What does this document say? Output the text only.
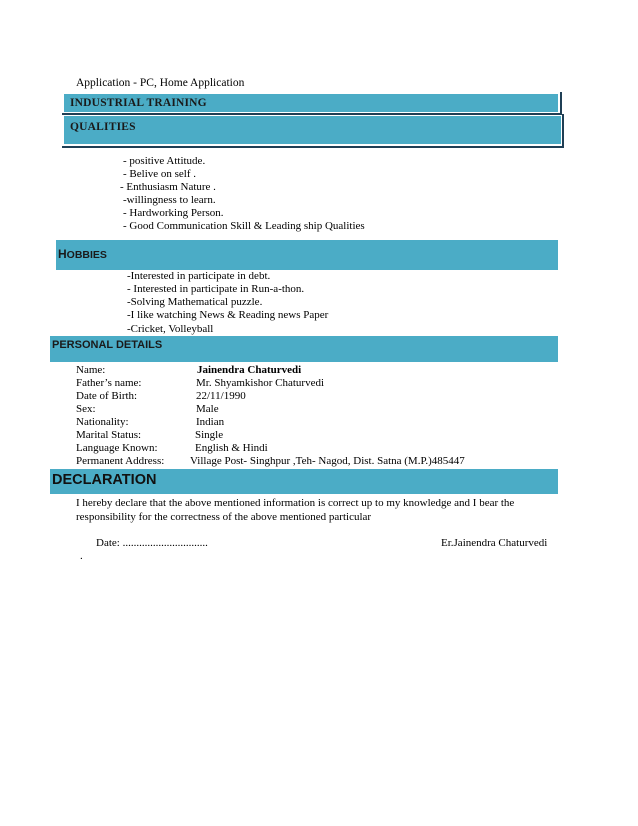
Application - PC, Home Application
INDUSTRIAL TRAINING
QUALITIES
- positive Attitude.
- Belive on self .
- Enthusiasm Nature .
-willingness to learn.
- Hardworking Person.
- Good Communication Skill & Leading ship Qualities
HOBBIES
-Interested in participate in debt.
- Interested in participate in Run-a-thon.
-Solving Mathematical puzzle.
-I like watching News & Reading news Paper
-Cricket, Volleyball
PERSONAL DETAILS
Name:	Jainendra Chaturvedi
Father’s name:	Mr. Shyamkishor Chaturvedi
Date of Birth:	22/11/1990
Sex:	Male
Nationality:	Indian
Marital Status:	Single
Language Known:	English & Hindi
Permanent Address: Village Post- Singhpur ,Teh- Nagod, Dist. Satna (M.P.)485447
DECLARATION
I hereby declare that the above mentioned information is correct up to my knowledge and I bear the
responsibility for the correctness of the above mentioned particular
Date: ...............................	Er.Jainendra Chaturvedi
.
